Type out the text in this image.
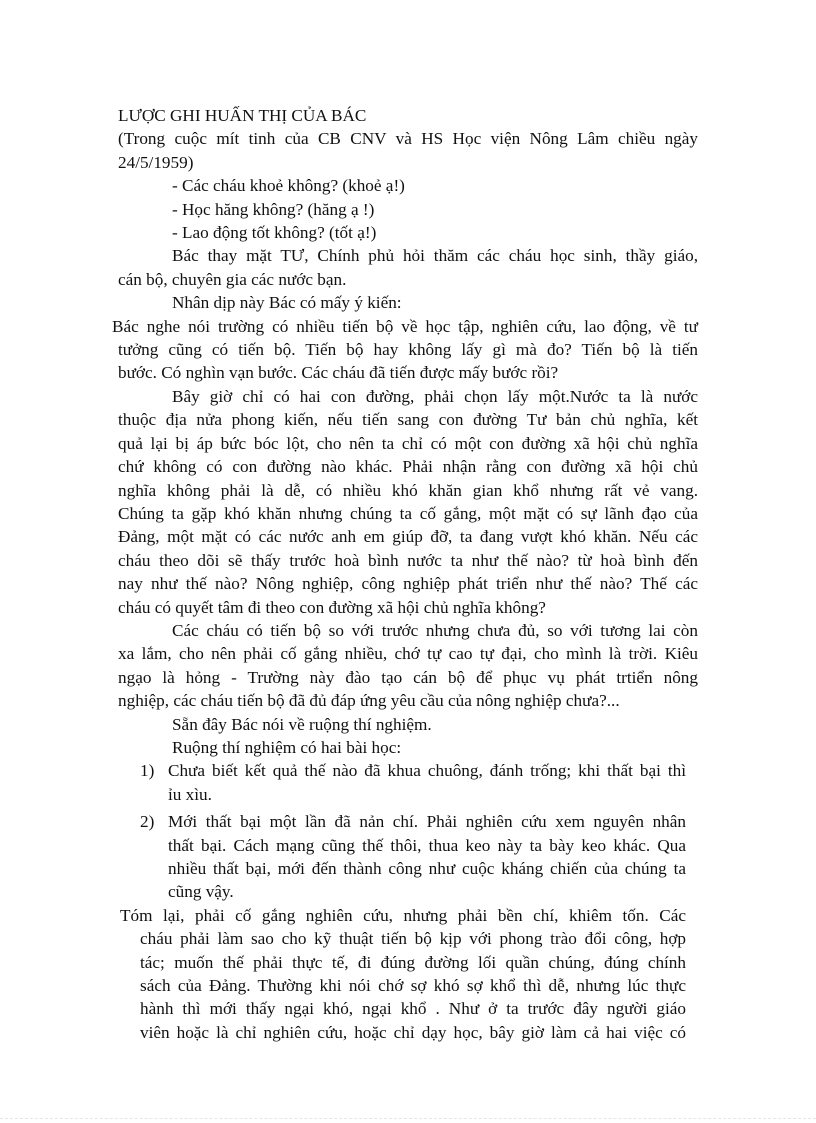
LƯỢC GHI HUẤN THỊ CỦA BÁC
(Trong cuộc mít tinh của CB CNV và HS Học viện Nông Lâm chiều ngày
24/5/1959)
- Các cháu khoẻ không? (khoẻ ạ!)
- Học hăng không? (hăng ạ !)
- Lao động tốt không? (tốt ạ!)
Bác thay mặt TƯ, Chính phủ hỏi thăm các cháu học sinh, thầy giáo,
cán bộ, chuyên gia các nước bạn.
Nhân dịp này Bác có mấy ý kiến:
Bác nghe nói trường có nhiều tiến bộ về học tập, nghiên cứu, lao động, về tư
tưởng cũng có tiến bộ. Tiến bộ hay không lấy gì mà đo? Tiến bộ là tiến
bước. Có nghìn vạn bước. Các cháu đã tiến được mấy bước rồi?
Bây giờ chỉ có hai con đường, phải chọn lấy một.Nước ta là nước
thuộc địa nửa phong kiến, nếu tiến sang con đường Tư bản chủ nghĩa, kết
quả lại bị áp bức bóc lột, cho nên ta chỉ có một con đường xã hội chủ nghĩa
chứ không có con đường nào khác. Phải nhận rằng con đường xã hội chủ
nghĩa không phải là dễ, có nhiều khó khăn gian khổ nhưng rất vẻ vang.
Chúng ta gặp khó khăn nhưng chúng ta cố gắng, một mặt có sự lãnh đạo của
Đảng, một mặt có các nước anh em giúp đỡ, ta đang vượt khó khăn. Nếu các
cháu theo dõi sẽ thấy trước hoà bình nước ta như thế nào? từ hoà bình đến
nay như thế nào? Nông nghiệp, công nghiệp phát triển như thế nào? Thế các
cháu có quyết tâm đi theo con đường xã hội chủ nghĩa không?
Các cháu có tiến bộ so với trước nhưng chưa đủ, so với tương lai còn
xa lắm, cho nên phải cố gắng nhiều, chớ tự cao tự đại, cho mình là trời. Kiêu
ngạo là hỏng - Trường này đào tạo cán bộ để phục vụ phát trtiển nông
nghiệp, các cháu tiến bộ đã đủ đáp ứng yêu cầu của nông nghiệp chưa?...
Sẵn đây Bác nói về ruộng thí nghiệm.
Ruộng thí nghiệm có hai bài học:
1) Chưa biết kết quả thế nào đã khua chuông, đánh trống; khi thất bại thì
ỉu xìu.
2) Mới thất bại một lần đã nản chí. Phải nghiên cứu xem nguyên nhân
thất bại. Cách mạng cũng thế thôi, thua keo này ta bày keo khác. Qua
nhiều thất bại, mới đến thành công như cuộc kháng chiến của chúng ta
cũng vậy.
Tóm lại, phải cố gắng nghiên cứu, nhưng phải bền chí, khiêm tốn. Các
cháu phải làm sao cho kỹ thuật tiến bộ kịp với phong trào đổi công, hợp
tác; muốn thế phải thực tế, đi đúng đường lối quần chúng, đúng chính
sách của Đảng. Thường khi nói chớ sợ khó sợ khổ thì dễ, nhưng lúc thực
hành thì mới thấy ngại khó, ngại khổ . Như ở ta trước đây người giáo
viên hoặc là chỉ nghiên cứu, hoặc chỉ dạy học, bây giờ làm cả hai việc có
